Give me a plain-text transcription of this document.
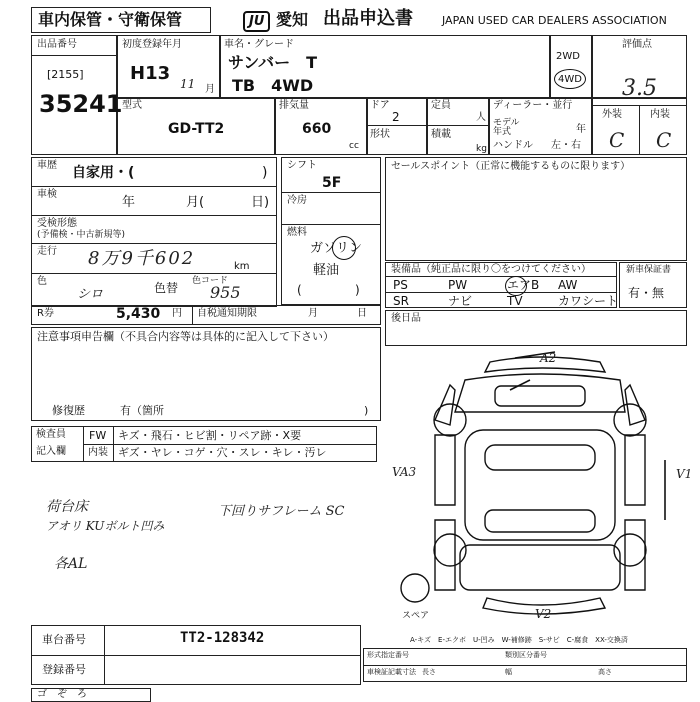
車内保管・守衛保管	JU 愛知 出品申込書	JAPAN USED CAR DEALERS ASSOCIATION
出品番号
[2155]
35241
初度登録年月
H13 11 月
車名・グレード
サンバー　T
TB　4WD
2WD
4WD
評価点
3.5
外装	内装
C C
型式
GD-TT2
排気量
660
cc
ドア
2
形状
定員
人
積載
kg
ディーラー・並行
モデル年式	年
ハンドル 左・右
車歴 自家用・(	)
車検
年	月(	日)
受検形態
(予備検・中古新規等)
走行 8万9千602	km
色
シロ	色替 色コード
955
R券	5,430 円 自税通知期限	月	日
シフト
5F
冷房
燃料
ガソリン
軽油
(	)
セールスポイント（正常に機能するものに限ります）
装備品（純正品に限り〇をつけてください）
PS	PW	エアB AW
SR	ナビ	TV	カワシート
新車保証書
有・無
後日品
注意事項申告欄（不具合内容等は具体的に記入して下さい）
修復歴	有（箇所	)
検査員
記入欄
FW キズ・飛石・ヒビ割・リペア跡・X要
内装 ギズ・ヤレ・コゲ・穴・スレ・キレ・汚レ
荷台床
アオリ KUボルト凹み
各AL
下回りサフレーム SC
A2
VA3	V1
V2
スペア
A-キズ　E-エクボ　U-凹み　W-補修跡　S-サビ　C-腐食　XX-交換済
車台番号	TT2-128342
登録番号
形式指定番号	類別区分番号
車検証記載寸法 長さ	幅	高さ
ゴ　ぞ　ろ
